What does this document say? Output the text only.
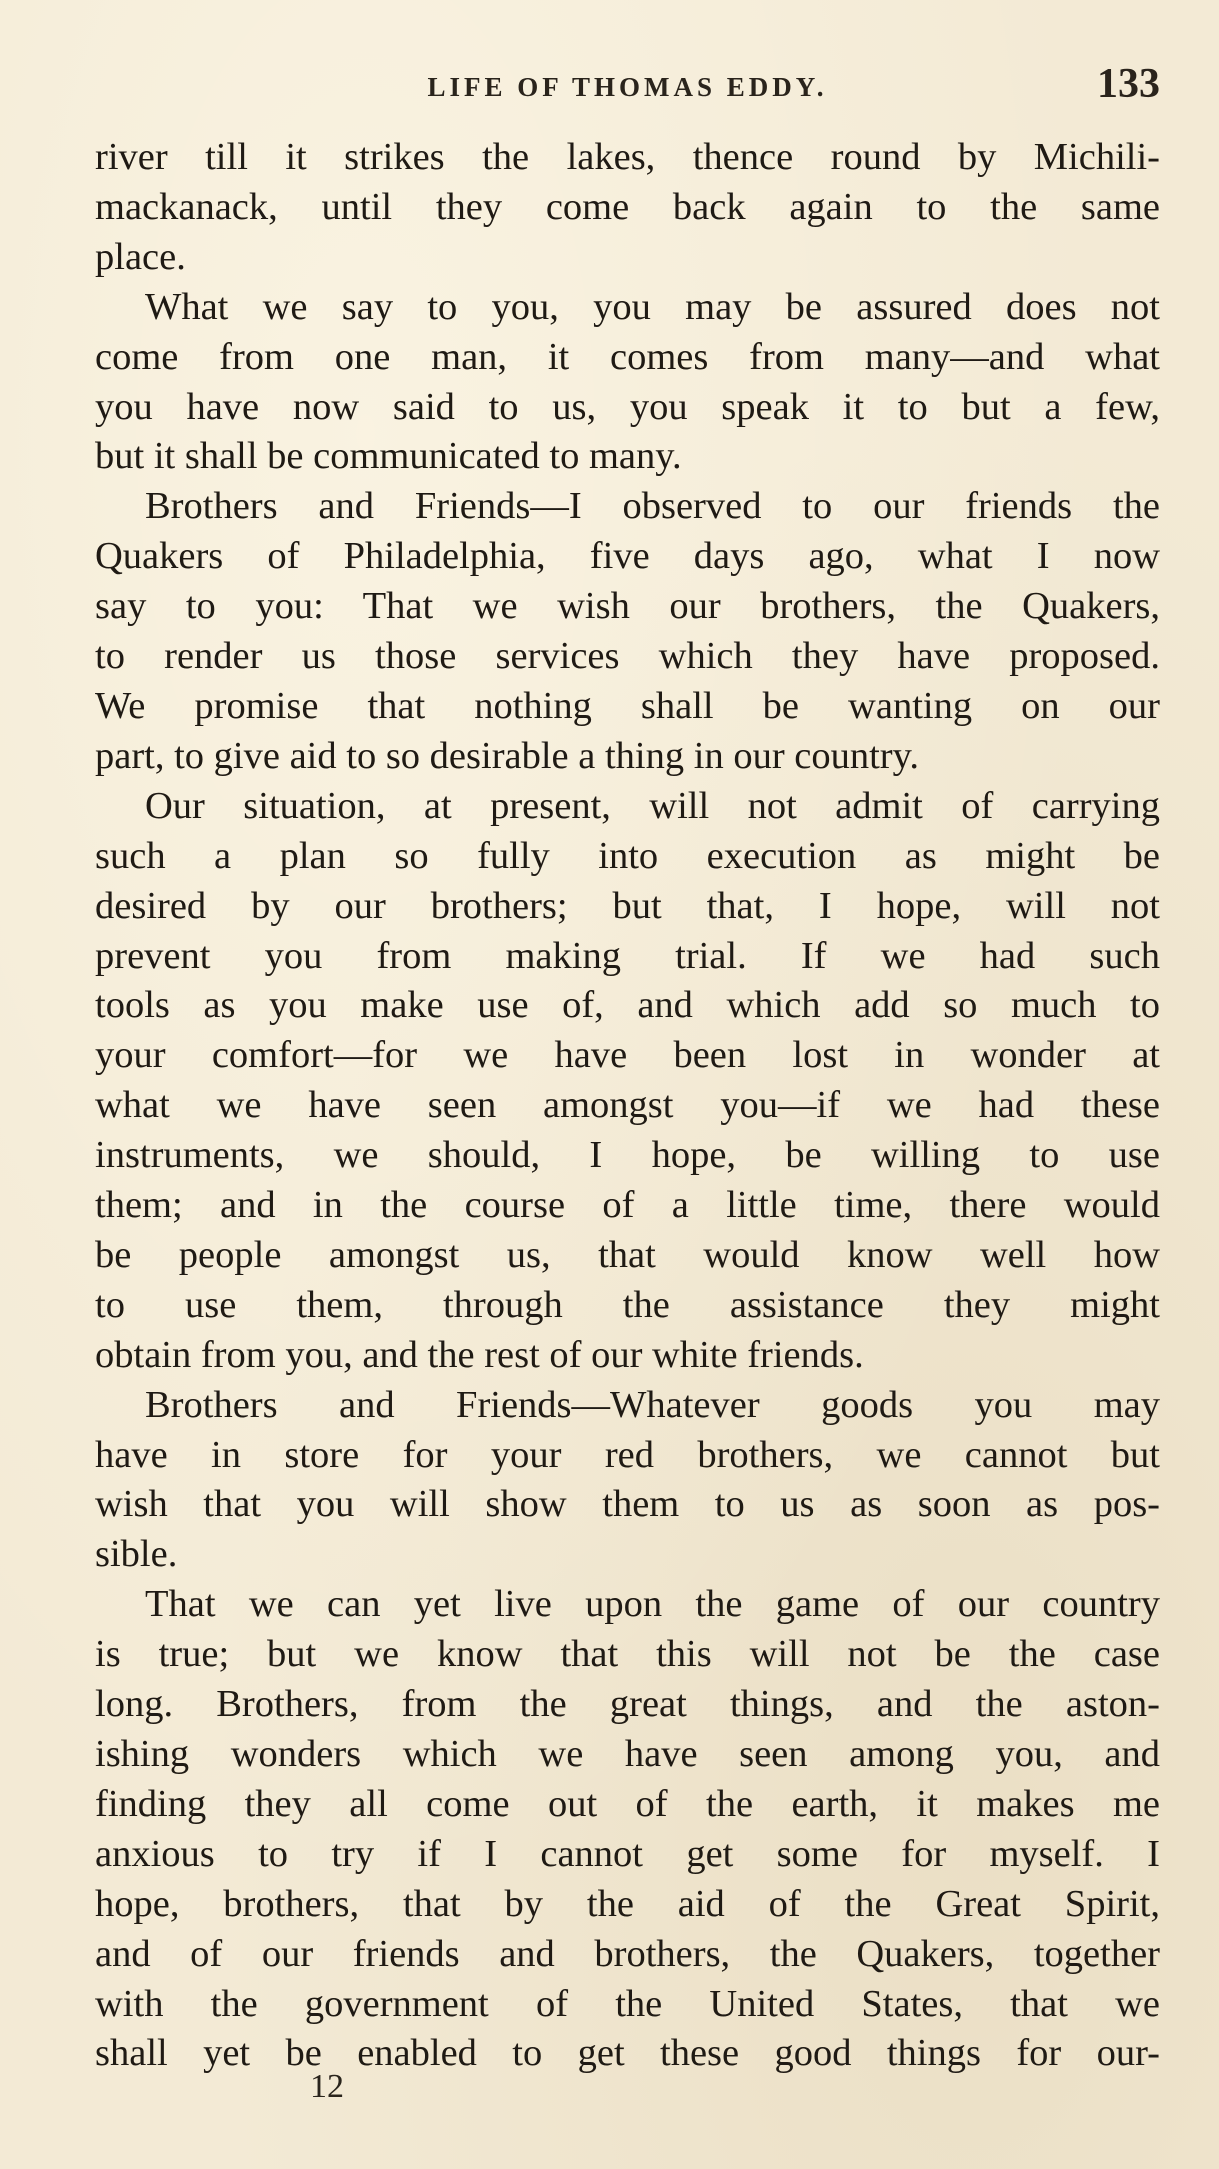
LIFE OF THOMAS EDDY.	133

river till it strikes the lakes, thence round by Michili-
mackanack, until they come back again to the same
place.

What we say to you, you may be assured does not
come from one man, it comes from many—and what
you have now said to us, you speak it to but a few,
but it shall be communicated to many.

Brothers and Friends—I observed to our friends the
Quakers of Philadelphia, five days ago, what I now
say to you: That we wish our brothers, the Quakers,
to render us those services which they have proposed.
We promise that nothing shall be wanting on our
part, to give aid to so desirable a thing in our country.

Our situation, at present, will not admit of carrying
such a plan so fully into execution as might be
desired by our brothers; but that, I hope, will not
prevent you from making trial. If we had such
tools as you make use of, and which add so much to
your comfort—for we have been lost in wonder at
what we have seen amongst you—if we had these
instruments, we should, I hope, be willing to use
them; and in the course of a little time, there would
be people amongst us, that would know well how
to use them, through the assistance they might
obtain from you, and the rest of our white friends.

Brothers and Friends—Whatever goods you may
have in store for your red brothers, we cannot but
wish that you will show them to us as soon as pos-
sible.

That we can yet live upon the game of our country
is true; but we know that this will not be the case
long. Brothers, from the great things, and the aston-
ishing wonders which we have seen among you, and
finding they all come out of the earth, it makes me
anxious to try if I cannot get some for myself. I
hope, brothers, that by the aid of the Great Spirit,
and of our friends and brothers, the Quakers, together
with the government of the United States, that we
shall yet be enabled to get these good things for our-

12
